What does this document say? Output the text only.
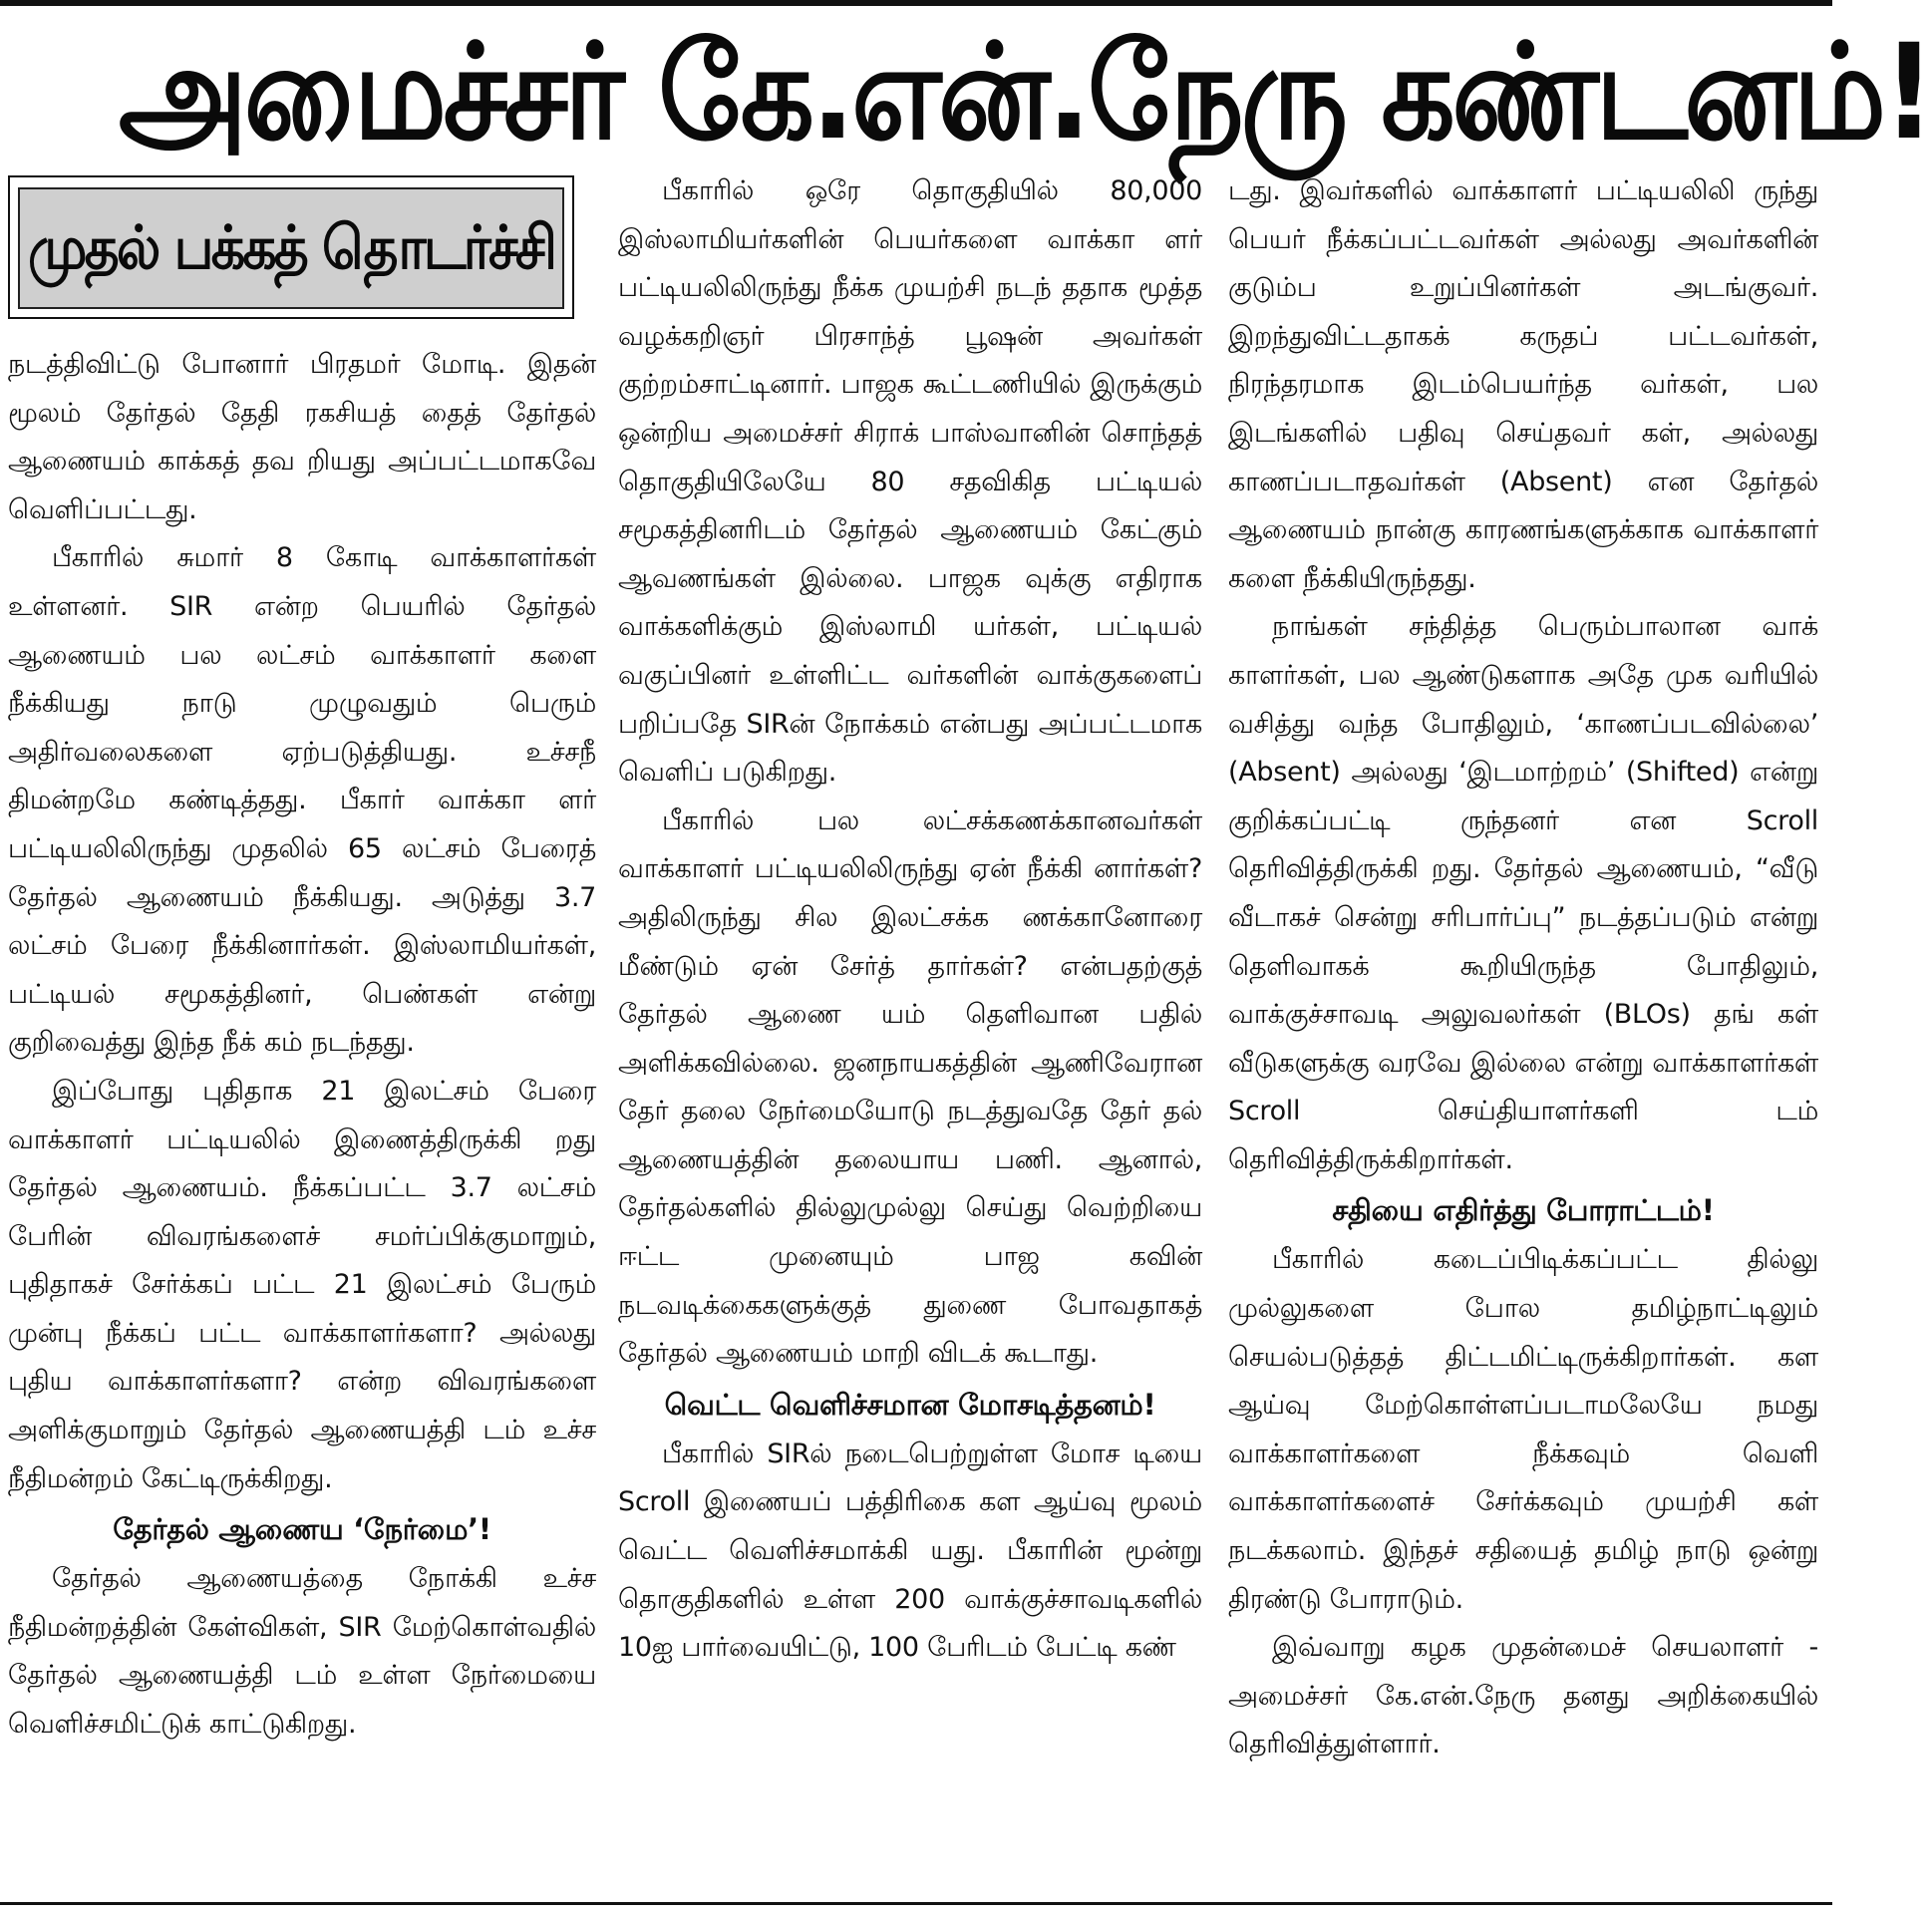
அமைச்சர் கே.என்.நேரு கண்டனம்!
முதல் பக்கத் தொடர்ச்சி

நடத்திவிட்டு போனார் பிரதமர் மோடி. இதன் மூலம் தேர்தல் தேதி ரகசியத் தைத் தேர்தல் ஆணையம் காக்கத் தவ றியது அப்பட்டமாகவே வெளிப்பட்டது.

பீகாரில் சுமார் 8 கோடி வாக்காளர்கள் உள்ளனர். SIR என்ற பெயரில் தேர்தல் ஆணையம் பல லட்சம் வாக்காளர் களை நீக்கியது நாடு முழுவதும் பெரும் அதிர்வலைகளை ஏற்படுத்தியது. உச்சநீ திமன்றமே கண்டித்தது. பீகார் வாக்கா ளர் பட்டியலிலிருந்து முதலில் 65 லட்சம் பேரைத் தேர்தல் ஆணையம் நீக்கியது. அடுத்து 3.7 லட்சம் பேரை நீக்கினார்கள். இஸ்லாமியர்கள், பட்டியல் சமூகத்தினர், பெண்கள் என்று குறிவைத்து இந்த நீக் கம் நடந்தது.

இப்போது புதிதாக 21 இலட்சம் பேரை வாக்காளர் பட்டியலில் இணைத்திருக்கி றது தேர்தல் ஆணையம். நீக்கப்பட்ட 3.7 லட்சம் பேரின் விவரங்களைச் சமர்ப்பிக்குமாறும், புதிதாகச் சேர்க்கப் பட்ட 21 இலட்சம் பேரும் முன்பு நீக்கப் பட்ட வாக்காளர்களா? அல்லது புதிய வாக்காளர்களா? என்ற விவரங்களை அளிக்குமாறும் தேர்தல் ஆணையத்தி டம் உச்ச நீதிமன்றம் கேட்டிருக்கிறது.

தேர்தல் ஆணைய ‘நேர்மை’!

தேர்தல் ஆணையத்தை நோக்கி உச்ச நீதிமன்றத்தின் கேள்விகள், SIR மேற்கொள்வதில் தேர்தல் ஆணையத்தி டம் உள்ள நேர்மையை வெளிச்சமிட்டுக் காட்டுகிறது.

பீகாரில் ஒரே தொகுதியில் 80,000 இஸ்லாமியர்களின் பெயர்களை வாக்கா ளர் பட்டியலிலிருந்து நீக்க முயற்சி நடந் ததாக மூத்த வழக்கறிஞர் பிரசாந்த் பூஷன் அவர்கள் குற்றம்சாட்டினார். பாஜக கூட்டணியில் இருக்கும் ஒன்றிய அமைச்சர் சிராக் பாஸ்வானின் சொந்தத் தொகுதியிலேயே 80 சதவிகித பட்டியல் சமூகத்தினரிடம் தேர்தல் ஆணையம் கேட்கும் ஆவணங்கள் இல்லை. பாஜக வுக்கு எதிராக வாக்களிக்கும் இஸ்லாமி யர்கள், பட்டியல் வகுப்பினர் உள்ளிட்ட வர்களின் வாக்குகளைப் பறிப்பதே SIRன் நோக்கம் என்பது அப்பட்டமாக வெளிப் படுகிறது.

பீகாரில் பல லட்சக்கணக்கானவர்கள் வாக்காளர் பட்டியலிலிருந்து ஏன் நீக்கி னார்கள்? அதிலிருந்து சில இலட்சக்க ணக்கானோரை மீண்டும் ஏன் சேர்த் தார்கள்? என்பதற்குத் தேர்தல் ஆணை யம் தெளிவான பதில் அளிக்கவில்லை. ஜனநாயகத்தின் ஆணிவேரான தேர் தலை நேர்மையோடு நடத்துவதே தேர் தல் ஆணையத்தின் தலையாய பணி. ஆனால், தேர்தல்களில் தில்லுமுல்லு செய்து வெற்றியை ஈட்ட முனையும் பாஜ கவின் நடவடிக்கைகளுக்குத் துணை போவதாகத் தேர்தல் ஆணையம் மாறி விடக் கூடாது.

வெட்ட வெளிச்சமான மோசடித்தனம்!

பீகாரில் SIRல் நடைபெற்றுள்ள மோச டியை Scroll இணையப் பத்திரிகை கள ஆய்வு மூலம் வெட்ட வெளிச்சமாக்கி யது. பீகாரின் மூன்று தொகுதிகளில் உள்ள 200 வாக்குச்சாவடிகளில் 10ஐ பார்வையிட்டு, 100 பேரிடம் பேட்டி கண்

டது. இவர்களில் வாக்காளர் பட்டியலிலி ருந்து பெயர் நீக்கப்பட்டவர்கள் அல்லது அவர்களின் குடும்ப உறுப்பினர்கள் அடங்குவர். இறந்துவிட்டதாகக் கருதப் பட்டவர்கள், நிரந்தரமாக இடம்பெயர்ந்த வர்கள், பல இடங்களில் பதிவு செய்தவர் கள், அல்லது காணப்படாதவர்கள் (Absent) என தேர்தல் ஆணையம் நான்கு காரணங்களுக்காக வாக்காளர் களை நீக்கியிருந்தது.

நாங்கள் சந்தித்த பெரும்பாலான வாக் காளர்கள், பல ஆண்டுகளாக அதே முக வரியில் வசித்து வந்த போதிலும், ‘காணப்படவில்லை’ (Absent) அல்லது ‘இடமாற்றம்’ (Shifted) என்று குறிக்கப்பட்டி ருந்தனர் என Scroll தெரிவித்திருக்கி றது. தேர்தல் ஆணையம், “வீடு வீடாகச் சென்று சரிபார்ப்பு” நடத்தப்படும் என்று தெளிவாகக் கூறியிருந்த போதிலும், வாக்குச்சாவடி அலுவலர்கள் (BLOs) தங் கள் வீடுகளுக்கு வரவே இல்லை என்று வாக்காளர்கள் Scroll செய்தியாளர்களி டம் தெரிவித்திருக்கிறார்கள்.

சதியை எதிர்த்து போராட்டம்!

பீகாரில் கடைப்பிடிக்கப்பட்ட தில்லு முல்லுகளை போல தமிழ்நாட்டிலும் செயல்படுத்தத் திட்டமிட்டிருக்கிறார்கள். கள ஆய்வு மேற்கொள்ளப்படாமலேயே நமது வாக்காளர்களை நீக்கவும் வெளி வாக்காளர்களைச் சேர்க்கவும் முயற்சி கள் நடக்கலாம். இந்தச் சதியைத் தமிழ் நாடு ஒன்று திரண்டு போராடும்.

இவ்வாறு கழக முதன்மைச் செயலாளர் - அமைச்சர் கே.என்.நேரு தனது அறிக்கையில் தெரிவித்துள்ளார்.
